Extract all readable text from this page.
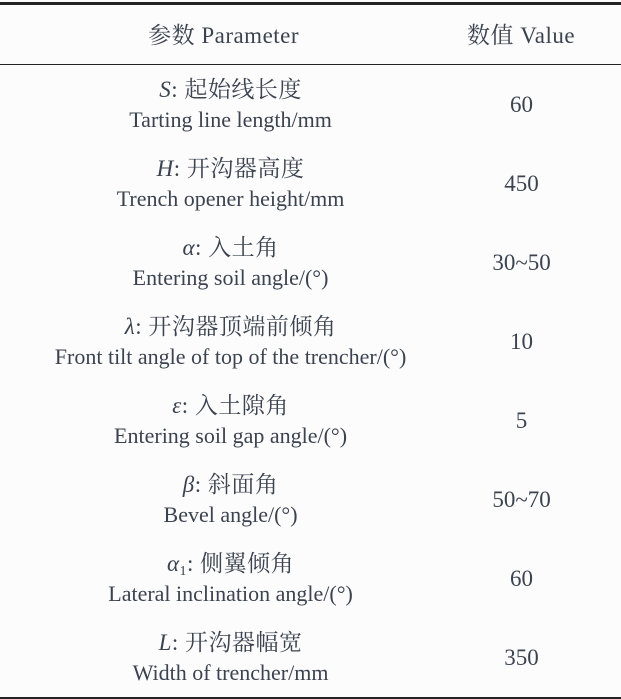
参数 Parameter	数值 Value

S: 起始线长度
Tarting line length/mm	60

H: 开沟器高度
Trench opener height/mm	450

α: 入土角
Entering soil angle/(°)	30~50

λ: 开沟器顶端前倾角
Front tilt angle of top of the trencher/(°)	10

ε: 入土隙角
Entering soil gap angle/(°)	5

β: 斜面角
Bevel angle/(°)	50~70

$\alpha_1$: 侧翼倾角
Lateral inclination angle/(°)	60

L: 开沟器幅宽
Width of trencher/mm	350
